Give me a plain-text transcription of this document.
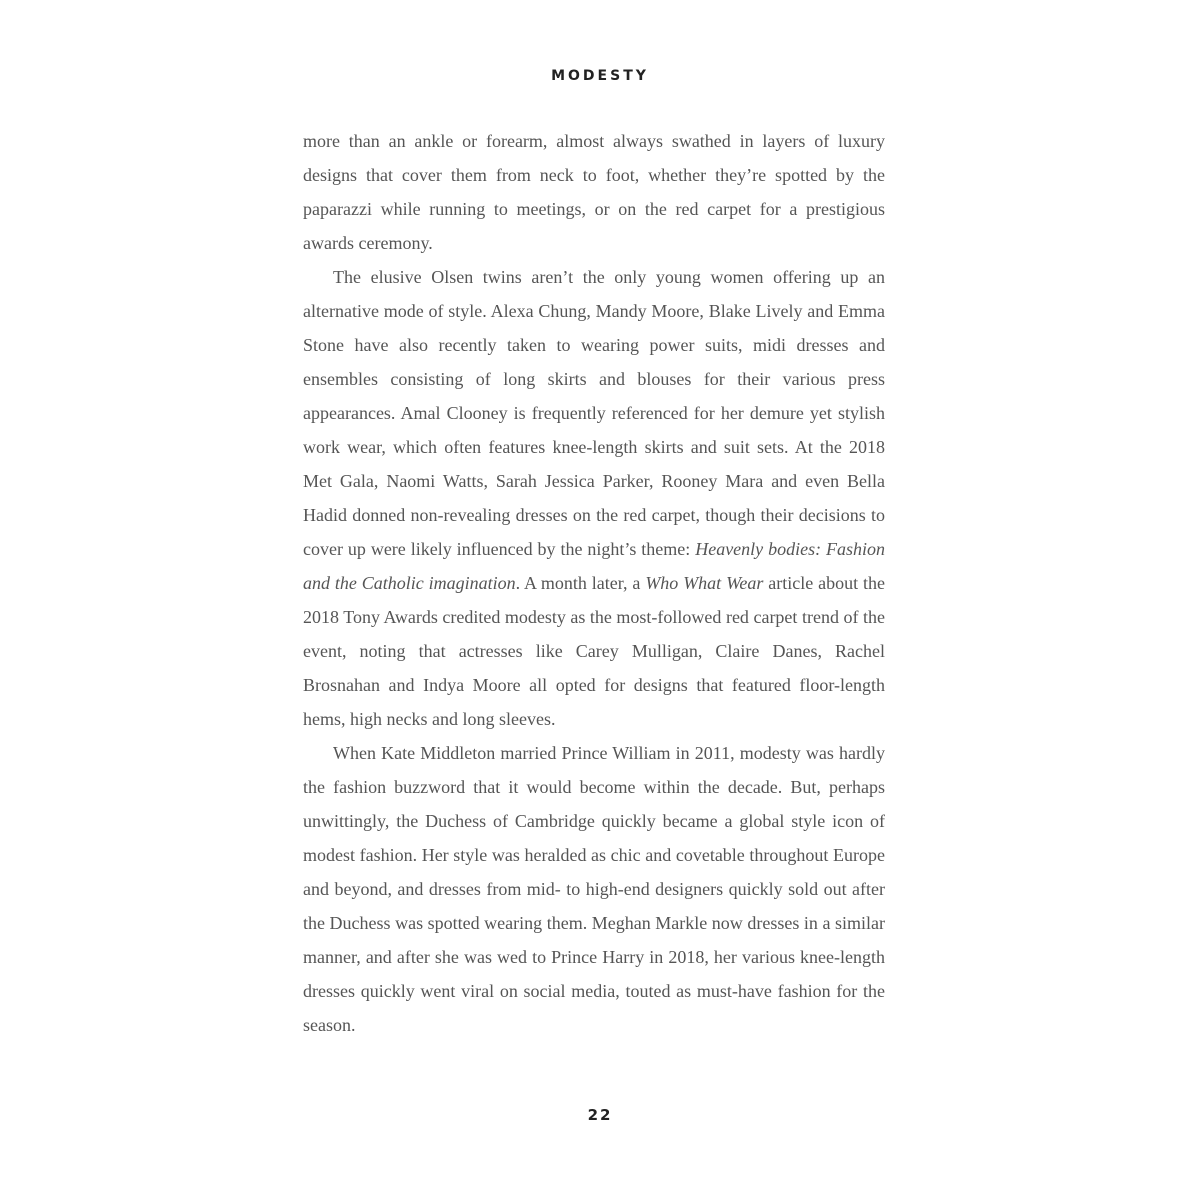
MODESTY

more than an ankle or forearm, almost always swathed in layers of luxury designs that cover them from neck to foot, whether they’re spotted by the paparazzi while running to meetings, or on the red carpet for a prestigious awards ceremony.

The elusive Olsen twins aren’t the only young women offering up an alternative mode of style. Alexa Chung, Mandy Moore, Blake Lively and Emma Stone have also recently taken to wearing power suits, midi dresses and ensembles consisting of long skirts and blouses for their various press appearances. Amal Clooney is frequently referenced for her demure yet stylish work wear, which often features knee-length skirts and suit sets. At the 2018 Met Gala, Naomi Watts, Sarah Jessica Parker, Rooney Mara and even Bella Hadid donned non-revealing dresses on the red carpet, though their decisions to cover up were likely influenced by the night’s theme: Heavenly bodies: Fashion and the Catholic imagination. A month later, a Who What Wear article about the 2018 Tony Awards credited modesty as the most-followed red carpet trend of the event, noting that actresses like Carey Mulligan, Claire Danes, Rachel Brosnahan and Indya Moore all opted for designs that featured floor-length hems, high necks and long sleeves.

When Kate Middleton married Prince William in 2011, modesty was hardly the fashion buzzword that it would become within the decade. But, perhaps unwittingly, the Duchess of Cambridge quickly became a global style icon of modest fashion. Her style was heralded as chic and covetable throughout Europe and beyond, and dresses from mid- to high-end designers quickly sold out after the Duchess was spotted wearing them. Meghan Markle now dresses in a similar manner, and after she was wed to Prince Harry in 2018, her various knee-length dresses quickly went viral on social media, touted as must-have fashion for the season.

22
